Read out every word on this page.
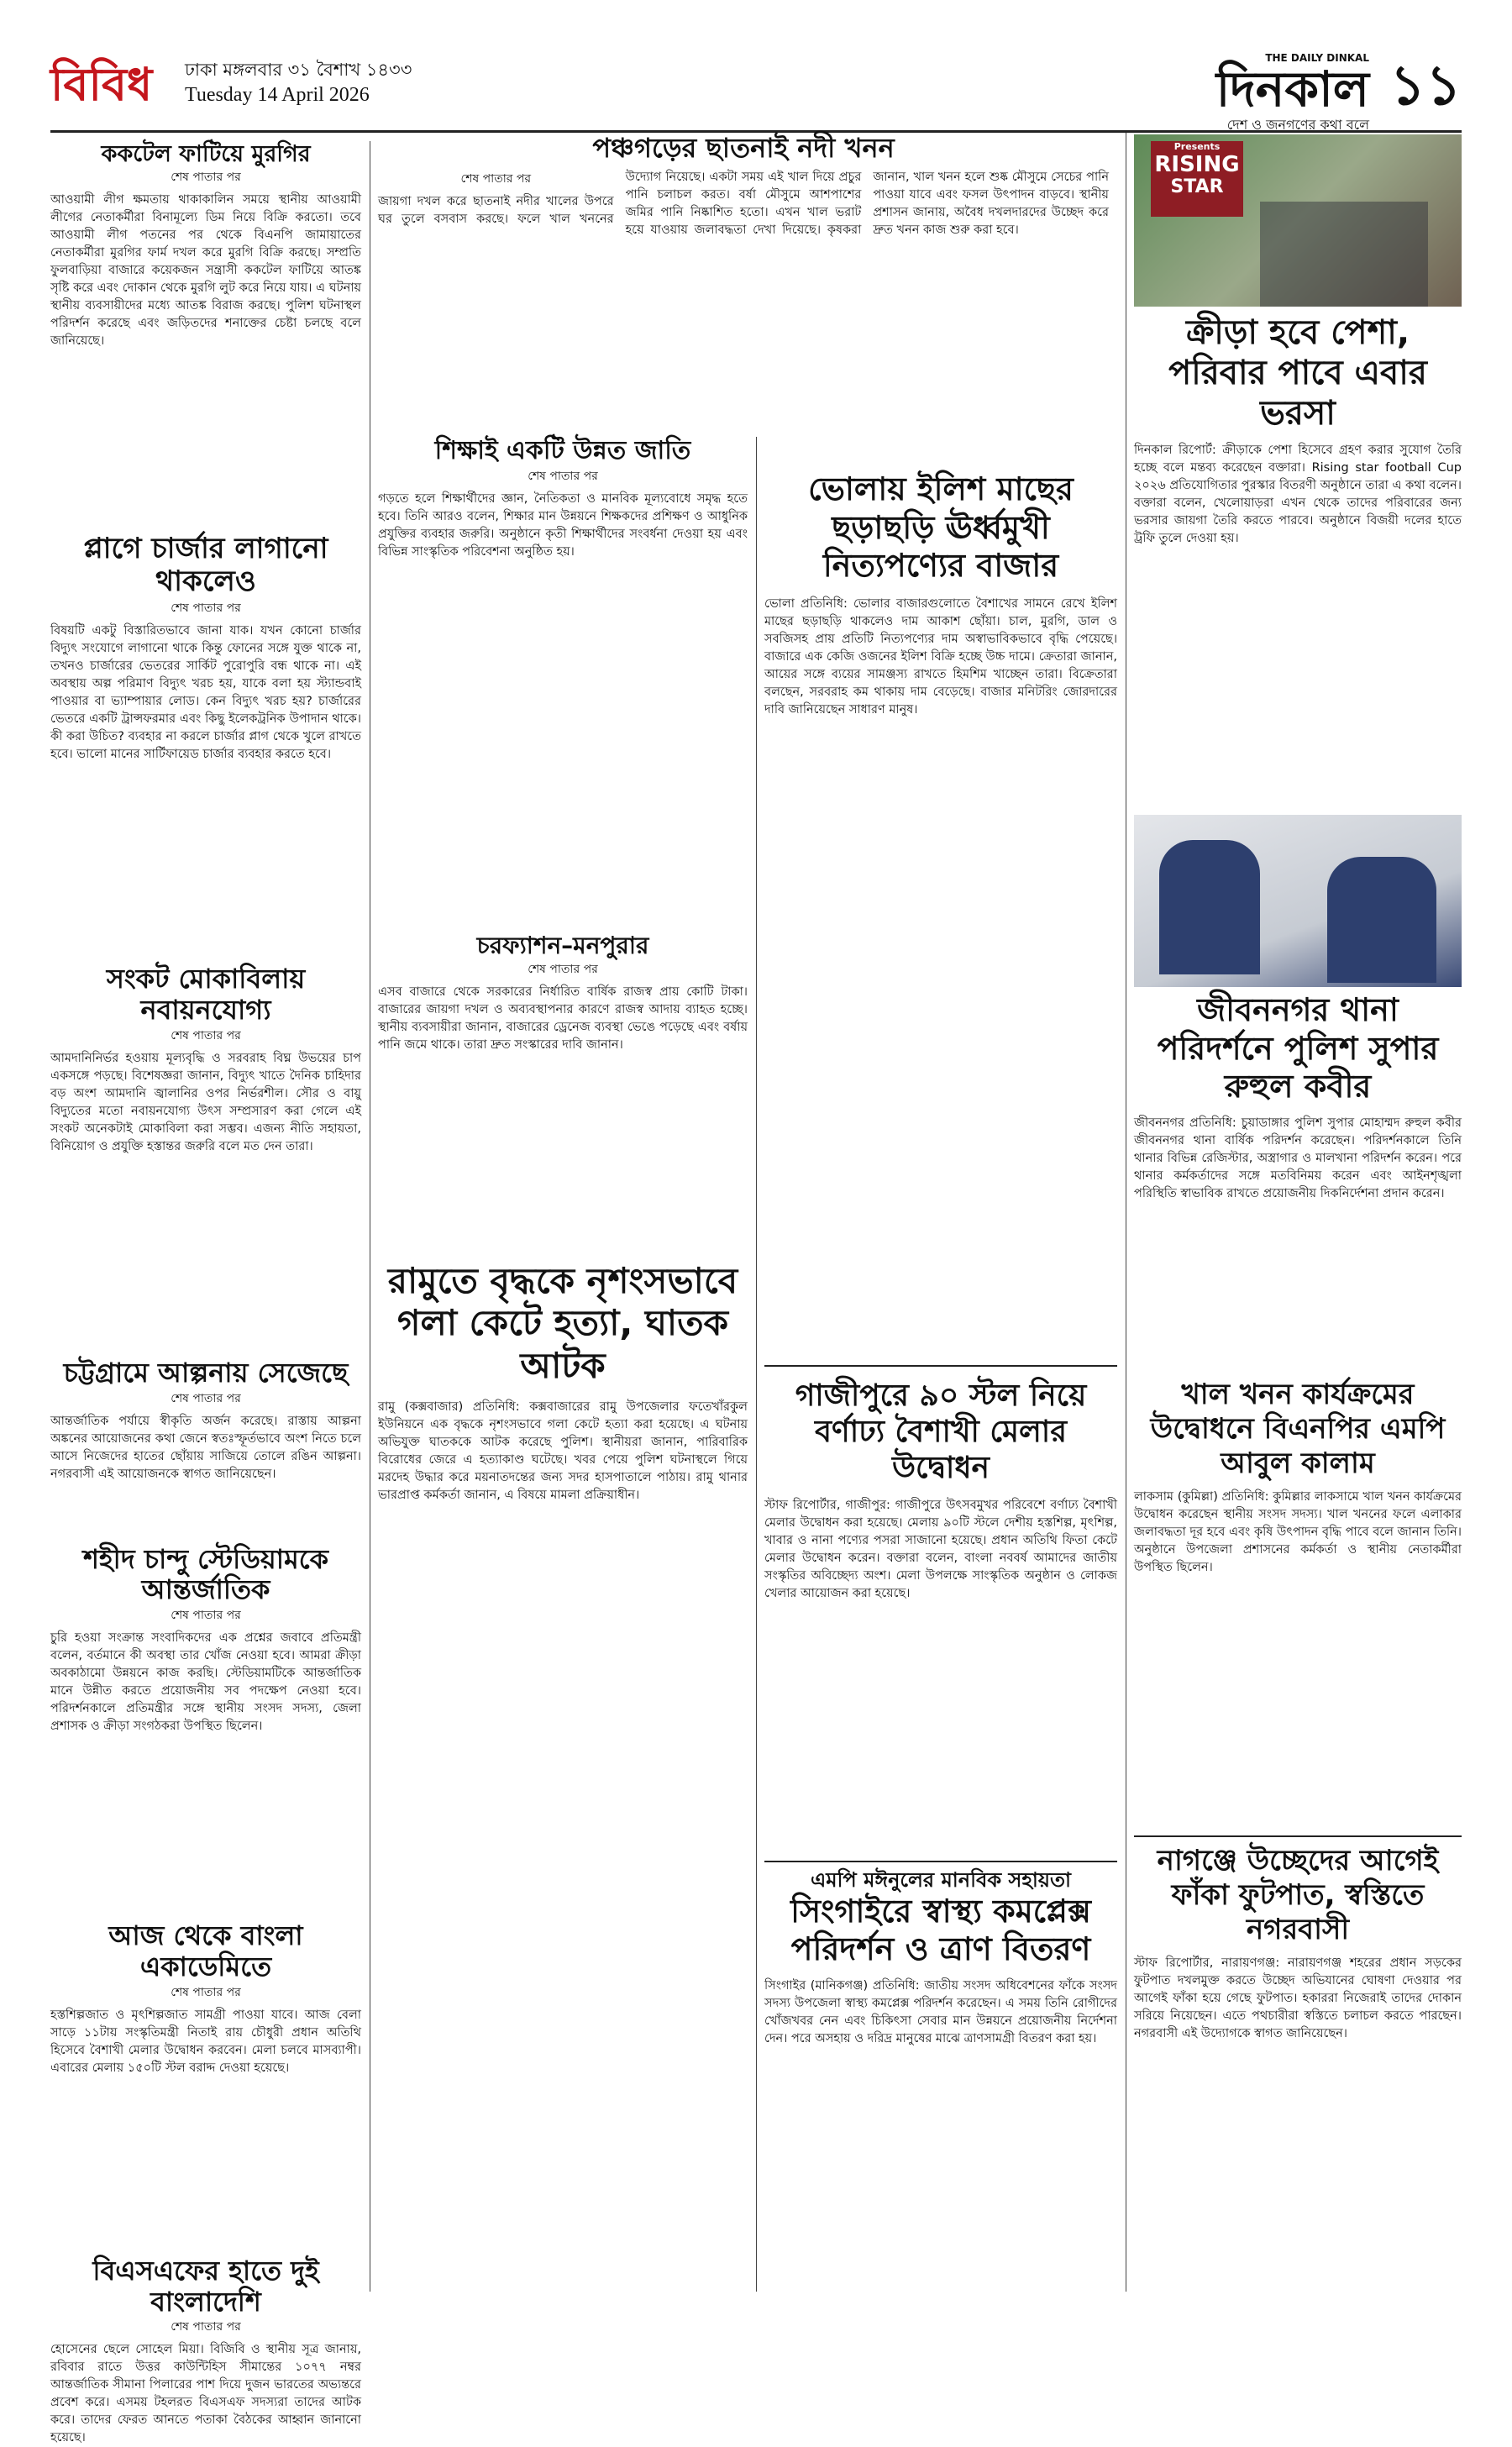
বিবিধ ঢাকা মঙ্গলবার ৩১ বৈশাখ ১৪৩৩
Tuesday 14 April 2026
THE DAILY DINKAL
দিনকাল
দেশ ও জনগণের কথা বলে
১১
ককটেল ফাটিয়ে মুরগির
শেষ পাতার পর

আওয়ামী লীগ ক্ষমতায় থাকাকালিন সময়ে স্থানীয় আওয়ামী লীগের নেতাকর্মীরা বিনামূল্যে ডিম নিয়ে বিক্রি করতো। তবে আওয়ামী লীগ পতনের পর থেকে বিএনপি জামায়াতের নেতাকর্মীরা মুরগির ফার্ম দখল করে মুরগি বিক্রি করছে। সম্প্রতি ফুলবাড়িয়া বাজারে কয়েকজন সন্ত্রাসী ককটেল ফাটিয়ে আতঙ্ক সৃষ্টি করে এবং দোকান থেকে মুরগি লুট করে নিয়ে যায়। এ ঘটনায় স্থানীয় ব্যবসায়ীদের মধ্যে আতঙ্ক বিরাজ করছে। পুলিশ ঘটনাস্থল পরিদর্শন করেছে এবং জড়িতদের শনাক্তের চেষ্টা চলছে বলে জানিয়েছে।

প্লাগে চার্জার লাগানো থাকলেও
শেষ পাতার পর

বিষয়টি একটু বিস্তারিতভাবে জানা যাক। যখন কোনো চার্জার বিদ্যুৎ সংযোগে লাগানো থাকে কিন্তু ফোনের সঙ্গে যুক্ত থাকে না, তখনও চার্জারের ভেতরের সার্কিট পুরোপুরি বন্ধ থাকে না। এই অবস্থায় অল্প পরিমাণ বিদ্যুৎ খরচ হয়, যাকে বলা হয় স্ট্যান্ডবাই পাওয়ার বা ভ্যাম্পায়ার লোড। কেন বিদ্যুৎ খরচ হয়? চার্জারের ভেতরে একটি ট্রান্সফরমার এবং কিছু ইলেকট্রনিক উপাদান থাকে। কী করা উচিত? ব্যবহার না করলে চার্জার প্লাগ থেকে খুলে রাখতে হবে। ভালো মানের সার্টিফায়েড চার্জার ব্যবহার করতে হবে।

সংকট মোকাবিলায় নবায়নযোগ্য
শেষ পাতার পর

আমদানিনির্ভর হওয়ায় মূল্যবৃদ্ধি ও সরবরাহ বিঘ্ন উভয়ের চাপ একসঙ্গে পড়ছে। বিশেষজ্ঞরা জানান, বিদ্যুৎ খাতে দৈনিক চাহিদার বড় অংশ আমদানি জ্বালানির ওপর নির্ভরশীল। সৌর ও বায়ু বিদ্যুতের মতো নবায়নযোগ্য উৎস সম্প্রসারণ করা গেলে এই সংকট অনেকটাই মোকাবিলা করা সম্ভব। এজন্য নীতি সহায়তা, বিনিয়োগ ও প্রযুক্তি হস্তান্তর জরুরি বলে মত দেন তারা।

চট্টগ্রামে আল্পনায় সেজেছে
শেষ পাতার পর

আন্তর্জাতিক পর্যায়ে স্বীকৃতি অর্জন করেছে। রাস্তায় আল্পনা অঙ্কনের আয়োজনের কথা জেনে স্বতঃস্ফূর্তভাবে অংশ নিতে চলে আসে নিজেদের হাতের ছোঁয়ায় সাজিয়ে তোলে রঙিন আল্পনা। নগরবাসী এই আয়োজনকে স্বাগত জানিয়েছেন।

শহীদ চান্দু স্টেডিয়ামকে আন্তর্জাতিক
শেষ পাতার পর

চুরি হওয়া সংক্রান্ত সংবাদিকদের এক প্রশ্নের জবাবে প্রতিমন্ত্রী বলেন, বর্তমানে কী অবস্থা তার খোঁজ নেওয়া হবে। আমরা ক্রীড়া অবকাঠামো উন্নয়নে কাজ করছি। স্টেডিয়ামটিকে আন্তর্জাতিক মানে উন্নীত করতে প্রয়োজনীয় সব পদক্ষেপ নেওয়া হবে। পরিদর্শনকালে প্রতিমন্ত্রীর সঙ্গে স্থানীয় সংসদ সদস্য, জেলা প্রশাসক ও ক্রীড়া সংগঠকরা উপস্থিত ছিলেন।

আজ থেকে বাংলা একাডেমিতে
শেষ পাতার পর

হস্তশিল্পজাত ও মৃৎশিল্পজাত সামগ্রী পাওয়া যাবে। আজ বেলা সাড়ে ১১টায় সংস্কৃতিমন্ত্রী নিতাই রায় চৌধুরী প্রধান অতিথি হিসেবে বৈশাখী মেলার উদ্বোধন করবেন। মেলা চলবে মাসব্যাপী। এবারের মেলায় ১৫০টি স্টল বরাদ্দ দেওয়া হয়েছে।

বিএসএফের হাতে দুই বাংলাদেশি
শেষ পাতার পর

হোসেনের ছেলে সোহেল মিয়া। বিজিবি ও স্থানীয় সূত্র জানায়, রবিবার রাতে উত্তর কাউন্টিহিস সীমান্তের ১০৭৭ নম্বর আন্তর্জাতিক সীমানা পিলারের পাশ দিয়ে দুজন ভারতের অভ্যন্তরে প্রবেশ করে। এসময় টহলরত বিএসএফ সদস্যরা তাদের আটক করে। তাদের ফেরত আনতে পতাকা বৈঠকের আহ্বান জানানো হয়েছে।

পঞ্চগড়ের ছাতনাই নদী খনন
শেষ পাতার পর

জায়গা দখল করে ছাতনাই নদীর খালের উপরে ঘর তুলে বসবাস করছে। ফলে খাল খননের উদ্যোগ নিয়েছে। একটা সময় এই খাল দিয়ে প্রচুর পানি চলাচল করত। বর্ষা মৌসুমে আশপাশের জমির পানি নিষ্কাশিত হতো। এখন খাল ভরাট হয়ে যাওয়ায় জলাবদ্ধতা দেখা দিয়েছে। কৃষকরা জানান, খাল খনন হলে শুষ্ক মৌসুমে সেচের পানি পাওয়া যাবে এবং ফসল উৎপাদন বাড়বে। স্থানীয় প্রশাসন জানায়, অবৈধ দখলদারদের উচ্ছেদ করে দ্রুত খনন কাজ শুরু করা হবে।

শিক্ষাই একটি উন্নত জাতি
শেষ পাতার পর

গড়তে হলে শিক্ষার্থীদের জ্ঞান, নৈতিকতা ও মানবিক মূল্যবোধে সমৃদ্ধ হতে হবে। তিনি আরও বলেন, শিক্ষার মান উন্নয়নে শিক্ষকদের প্রশিক্ষণ ও আধুনিক প্রযুক্তির ব্যবহার জরুরি। অনুষ্ঠানে কৃতী শিক্ষার্থীদের সংবর্ধনা দেওয়া হয় এবং বিভিন্ন সাংস্কৃতিক পরিবেশনা অনুষ্ঠিত হয়।

চরফ্যাশন–মনপুরার
শেষ পাতার পর

এসব বাজারে থেকে সরকারের নির্ধারিত বার্ষিক রাজস্ব প্রায় কোটি টাকা। বাজারের জায়গা দখল ও অব্যবস্থাপনার কারণে রাজস্ব আদায় ব্যাহত হচ্ছে। স্থানীয় ব্যবসায়ীরা জানান, বাজারের ড্রেনেজ ব্যবস্থা ভেঙে পড়েছে এবং বর্ষায় পানি জমে থাকে। তারা দ্রুত সংস্কারের দাবি জানান।

রামুতে বৃদ্ধকে নৃশংসভাবে গলা কেটে হত্যা, ঘাতক আটক

রামু (কক্সবাজার) প্রতিনিধি: কক্সবাজারের রামু উপজেলার ফতেখাঁরকুল ইউনিয়নে এক বৃদ্ধকে নৃশংসভাবে গলা কেটে হত্যা করা হয়েছে। এ ঘটনায় অভিযুক্ত ঘাতককে আটক করেছে পুলিশ। স্থানীয়রা জানান, পারিবারিক বিরোধের জেরে এ হত্যাকাণ্ড ঘটেছে। খবর পেয়ে পুলিশ ঘটনাস্থলে গিয়ে মরদেহ উদ্ধার করে ময়নাতদন্তের জন্য সদর হাসপাতালে পাঠায়। রামু থানার ভারপ্রাপ্ত কর্মকর্তা জানান, এ বিষয়ে মামলা প্রক্রিয়াধীন।

ভোলায় ইলিশ মাছের ছড়াছড়ি ঊর্ধ্বমুখী নিত্যপণ্যের বাজার

ভোলা প্রতিনিধি: ভোলার বাজারগুলোতে বৈশাখের সামনে রেখে ইলিশ মাছের ছড়াছড়ি থাকলেও দাম আকাশ ছোঁয়া। চাল, মুরগি, ডাল ও সবজিসহ প্রায় প্রতিটি নিত্যপণ্যের দাম অস্বাভাবিকভাবে বৃদ্ধি পেয়েছে। বাজারে এক কেজি ওজনের ইলিশ বিক্রি হচ্ছে উচ্চ দামে। ক্রেতারা জানান, আয়ের সঙ্গে ব্যয়ের সামঞ্জস্য রাখতে হিমশিম খাচ্ছেন তারা। বিক্রেতারা বলছেন, সরবরাহ কম থাকায় দাম বেড়েছে। বাজার মনিটরিং জোরদারের দাবি জানিয়েছেন সাধারণ মানুষ।

গাজীপুরে ৯০ স্টল নিয়ে বর্ণাঢ্য বৈশাখী মেলার উদ্বোধন

স্টাফ রিপোর্টার, গাজীপুর: গাজীপুরে উৎসবমুখর পরিবেশে বর্ণাঢ্য বৈশাখী মেলার উদ্বোধন করা হয়েছে। মেলায় ৯০টি স্টলে দেশীয় হস্তশিল্প, মৃৎশিল্প, খাবার ও নানা পণ্যের পসরা সাজানো হয়েছে। প্রধান অতিথি ফিতা কেটে মেলার উদ্বোধন করেন। বক্তারা বলেন, বাংলা নববর্ষ আমাদের জাতীয় সংস্কৃতির অবিচ্ছেদ্য অংশ। মেলা উপলক্ষে সাংস্কৃতিক অনুষ্ঠান ও লোকজ খেলার আয়োজন করা হয়েছে।

এমপি মঈনুলের মানবিক সহায়তা
সিংগাইরে স্বাস্থ্য কমপ্লেক্স পরিদর্শন ও ত্রাণ বিতরণ

সিংগাইর (মানিকগঞ্জ) প্রতিনিধি: জাতীয় সংসদ অধিবেশনের ফাঁকে সংসদ সদস্য উপজেলা স্বাস্থ্য কমপ্লেক্স পরিদর্শন করেছেন। এ সময় তিনি রোগীদের খোঁজখবর নেন এবং চিকিৎসা সেবার মান উন্নয়নে প্রয়োজনীয় নির্দেশনা দেন। পরে অসহায় ও দরিদ্র মানুষের মাঝে ত্রাণসামগ্রী বিতরণ করা হয়।

Presents
RISING
STAR
ক্রীড়া হবে পেশা, পরিবার পাবে এবার ভরসা

দিনকাল রিপোর্ট: ক্রীড়াকে পেশা হিসেবে গ্রহণ করার সুযোগ তৈরি হচ্ছে বলে মন্তব্য করেছেন বক্তারা। Rising star football Cup ২০২৬ প্রতিযোগিতার পুরস্কার বিতরণী অনুষ্ঠানে তারা এ কথা বলেন। বক্তারা বলেন, খেলোয়াড়রা এখন থেকে তাদের পরিবারের জন্য ভরসার জায়গা তৈরি করতে পারবে। অনুষ্ঠানে বিজয়ী দলের হাতে ট্রফি তুলে দেওয়া হয়।

জীবননগর থানা পরিদর্শনে পুলিশ সুপার রুহুল কবীর

জীবননগর প্রতিনিধি: চুয়াডাঙ্গার পুলিশ সুপার মোহাম্মদ রুহুল কবীর জীবননগর থানা বার্ষিক পরিদর্শন করেছেন। পরিদর্শনকালে তিনি থানার বিভিন্ন রেজিস্টার, অস্ত্রাগার ও মালখানা পরিদর্শন করেন। পরে থানার কর্মকর্তাদের সঙ্গে মতবিনিময় করেন এবং আইনশৃঙ্খলা পরিস্থিতি স্বাভাবিক রাখতে প্রয়োজনীয় দিকনির্দেশনা প্রদান করেন।

খাল খনন কার্যক্রমের উদ্বোধনে বিএনপির এমপি আবুল কালাম

লাকসাম (কুমিল্লা) প্রতিনিধি: কুমিল্লার লাকসামে খাল খনন কার্যক্রমের উদ্বোধন করেছেন স্থানীয় সংসদ সদস্য। খাল খননের ফলে এলাকার জলাবদ্ধতা দূর হবে এবং কৃষি উৎপাদন বৃদ্ধি পাবে বলে জানান তিনি। অনুষ্ঠানে উপজেলা প্রশাসনের কর্মকর্তা ও স্থানীয় নেতাকর্মীরা উপস্থিত ছিলেন।

নাগঞ্জে উচ্ছেদের আগেই ফাঁকা ফুটপাত, স্বস্তিতে নগরবাসী

স্টাফ রিপোর্টার, নারায়ণগঞ্জ: নারায়ণগঞ্জ শহরের প্রধান সড়কের ফুটপাত দখলমুক্ত করতে উচ্ছেদ অভিযানের ঘোষণা দেওয়ার পর আগেই ফাঁকা হয়ে গেছে ফুটপাত। হকাররা নিজেরাই তাদের দোকান সরিয়ে নিয়েছেন। এতে পথচারীরা স্বস্তিতে চলাচল করতে পারছেন। নগরবাসী এই উদ্যোগকে স্বাগত জানিয়েছেন।
